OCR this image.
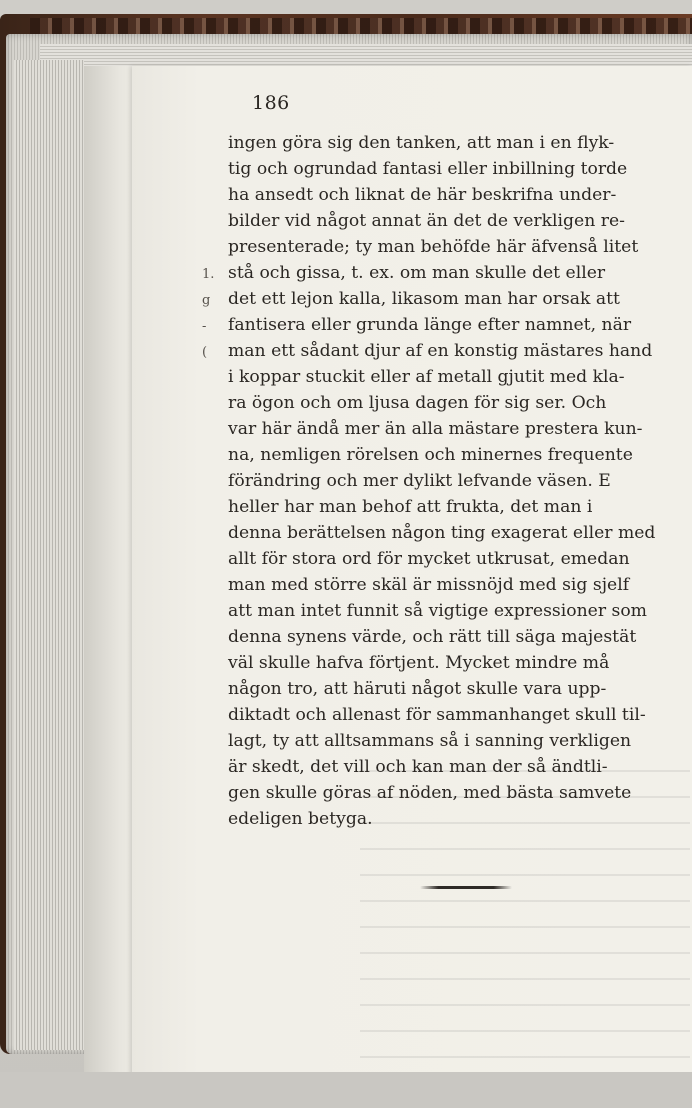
186
1.
g
-
(
ingen göra sig den tanken, att man i en flyk-
tig och ogrundad fantasi eller inbillning torde
ha ansedt och liknat de här beskrifna under-
bilder vid något annat än det de verkligen re-
presenterade; ty man behöfde här äfvenså litet
stå och gissa, t. ex. om man skulle det eller
det ett lejon kalla, likasom man har orsak att
fantisera eller grunda länge efter namnet, när
man ett sådant djur af en konstig mästares hand
i koppar stuckit eller af metall gjutit med kla-
ra ögon och om ljusa dagen för sig ser. Och
var här ändå mer än alla mästare prestera kun-
na, nemligen rörelsen och minernes frequente
förändring och mer dylikt lefvande väsen. E
heller har man behof att frukta, det man i
denna berättelsen någon ting exagerat eller med
allt för stora ord för mycket utkrusat, emedan
man med större skäl är missnöjd med sig sjelf
att man intet funnit så vigtige expressioner som
denna synens värde, och rätt till säga majestät
väl skulle hafva förtjent. Mycket mindre må
någon tro, att häruti något skulle vara upp-
diktadt och allenast för sammanhanget skull til-
lagt, ty att alltsammans så i sanning verkligen
är skedt, det vill och kan man der så ändtli-
gen skulle göras af nöden, med bästa samvete
edeligen betyga.
